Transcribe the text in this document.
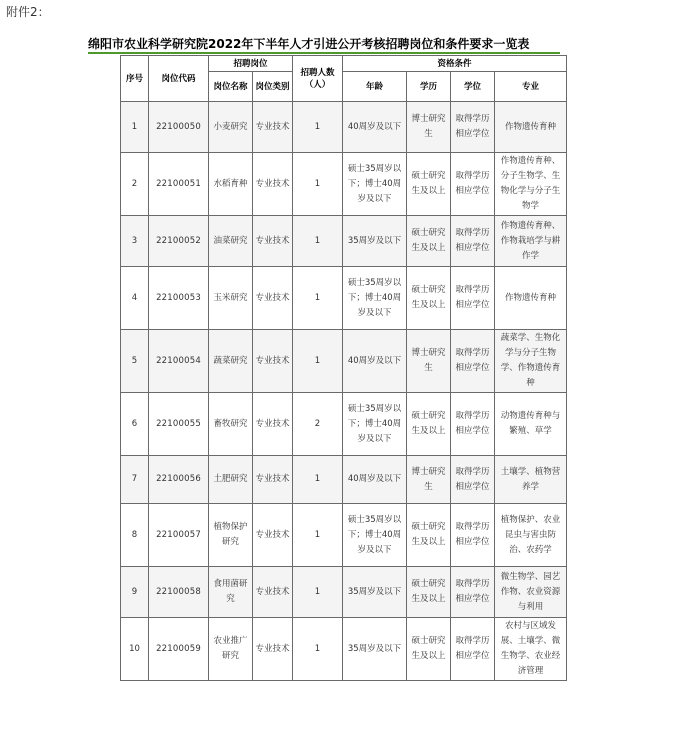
附件2：
绵阳市农业科学研究院2022年下半年人才引进公开考核招聘岗位和条件要求一览表
序号	岗位代码	招聘岗位		招聘人数（人）	资格条件			
		岗位名称	岗位类别		年龄	学历	学位	专业
1	22100050	小麦研究	专业技术	1	40周岁及以下	博士研究生	取得学历相应学位	作物遗传育种
2	22100051	水稻育种	专业技术	1	硕士35周岁以下；博士40周岁及以下	硕士研究生及以上	取得学历相应学位	作物遗传育种、分子生物学、生物化学与分子生物学
3	22100052	油菜研究	专业技术	1	35周岁及以下	硕士研究生及以上	取得学历相应学位	作物遗传育种、作物栽培学与耕作学
4	22100053	玉米研究	专业技术	1	硕士35周岁以下；博士40周岁及以下	硕士研究生及以上	取得学历相应学位	作物遗传育种
5	22100054	蔬菜研究	专业技术	1	40周岁及以下	博士研究生	取得学历相应学位	蔬菜学、生物化学与分子生物学、作物遗传育种
6	22100055	畜牧研究	专业技术	2	硕士35周岁以下；博士40周岁及以下	硕士研究生及以上	取得学历相应学位	动物遗传育种与繁殖、草学
7	22100056	土肥研究	专业技术	1	40周岁及以下	博士研究生	取得学历相应学位	土壤学、植物营养学
8	22100057	植物保护研究	专业技术	1	硕士35周岁以下；博士40周岁及以下	硕士研究生及以上	取得学历相应学位	植物保护、农业昆虫与害虫防治、农药学
9	22100058	食用菌研究	专业技术	1	35周岁及以下	硕士研究生及以上	取得学历相应学位	微生物学、园艺作物、农业资源与利用
10	22100059	农业推广研究	专业技术	1	35周岁及以下	硕士研究生及以上	取得学历相应学位	农村与区域发展、土壤学、微生物学、农业经济管理
